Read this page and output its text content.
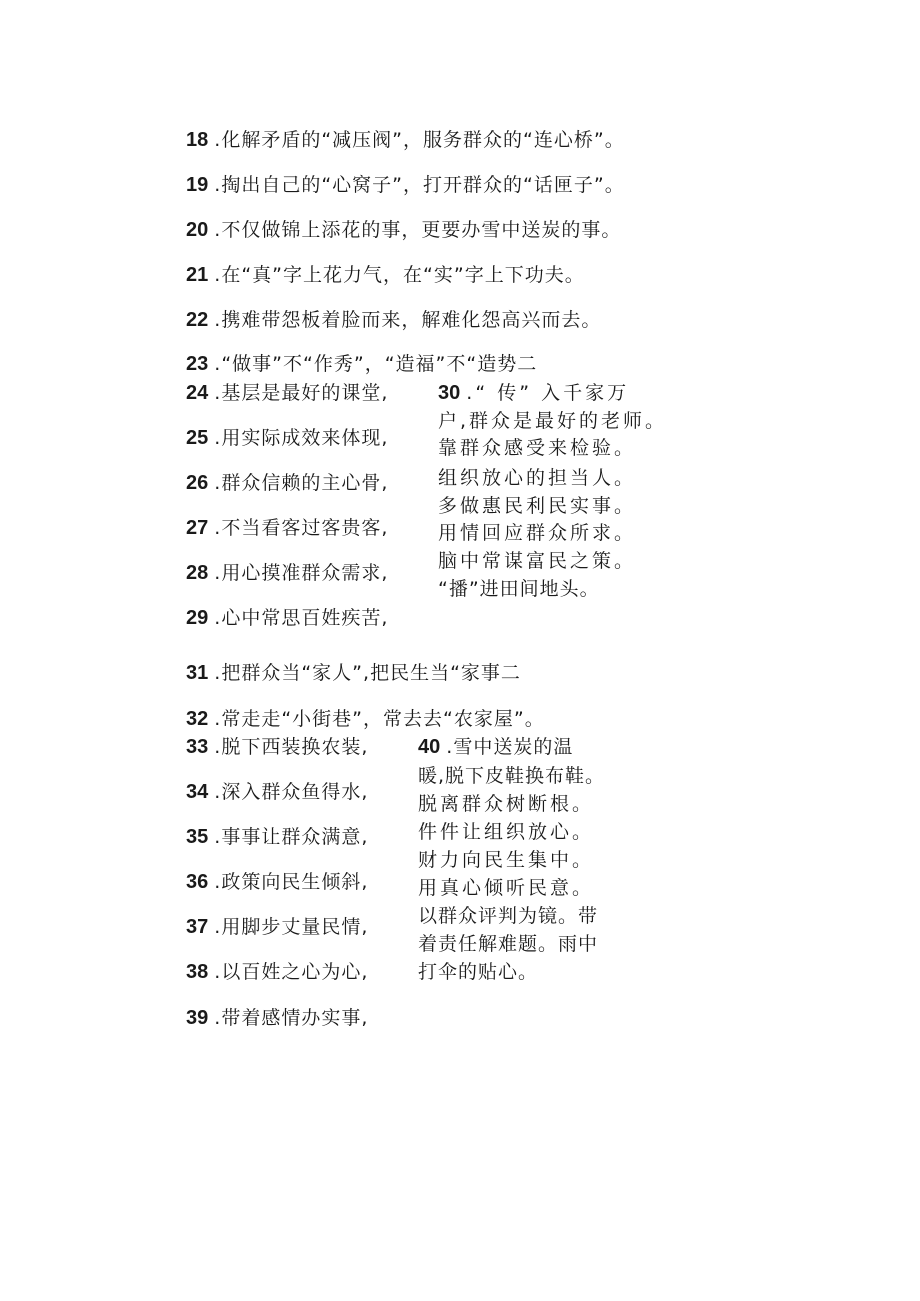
18 .化解矛盾的“减压阀”，服务群众的“连心桥”。
19 .掏出自己的“心窝子”，打开群众的“话匣子”。
20 .不仅做锦上添花的事，更要办雪中送炭的事。
21 .在“真”字上花力气，在“实”字上下功夫。
22 .携难带怨板着脸而来，解难化怨高兴而去。
23 .“做事”不“作秀”，“造福”不“造势二
24 .基层是最好的课堂,
25 .用实际成效来体现,
26 .群众信赖的主心骨,
27 .不当看客过客贵客,
28 .用心摸准群众需求,
29 .心中常思百姓疾苦,
31 .把群众当“家人”,把民生当“家事二
32 .常走走“小街巷”，常去去“农家屋”。
33 .脱下西装换农装,
34 .深入群众鱼得水,
35 .事事让群众满意,
36 .政策向民生倾斜,
37 .用脚步丈量民情,
38 .以百姓之心为心,
39 .带着感情办实事,
30 .“ 传” 入千家万
户,群众是最好的老师。
靠群众感受来检验。
组织放心的担当人。
多做惠民利民实事。
用情回应群众所求。
脑中常谋富民之策。
“播”进田间地头。
40 .雪中送炭的温
暖,脱下皮鞋换布鞋。
脱离群众树断根。
件件让组织放心。
财力向民生集中。
用真心倾听民意。
以群众评判为镜。带
着责任解难题。雨中
打伞的贴心。
